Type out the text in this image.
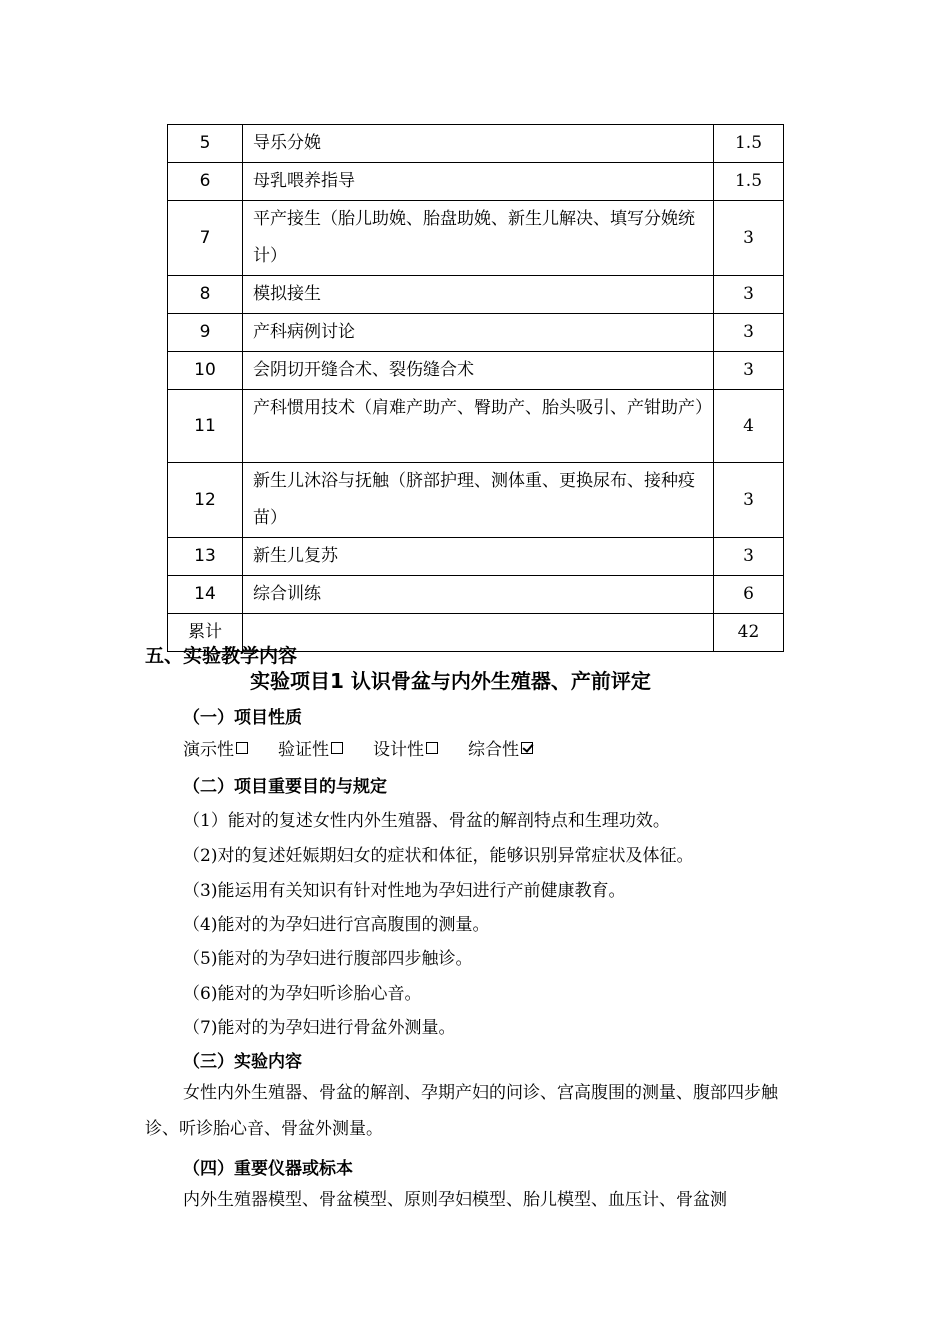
5	导乐分娩	1.5
6	母乳喂养指导	1.5
7	平产接生（胎儿助娩、胎盘助娩、新生儿解决、填写分娩统计）	3
8	模拟接生	3
9	产科病例讨论	3
10	会阴切开缝合术、裂伤缝合术	3
11	产科惯用技术（肩难产助产、臀助产、胎头吸引、产钳助产）	4
12	新生儿沐浴与抚触（脐部护理、测体重、更换尿布、接种疫苗）	3
13	新生儿复苏	3
14	综合训练	6
累计		42
五、实验教学内容
实验项目1 认识骨盆与内外生殖器、产前评定
（一）项目性质
演示性	验证性	设计性	综合性
（二）项目重要目的与规定
（1）能对的复述女性内外生殖器、骨盆的解剖特点和生理功效。
（2)对的复述妊娠期妇女的症状和体征，能够识别异常症状及体征。
（3)能运用有关知识有针对性地为孕妇进行产前健康教育。
（4)能对的为孕妇进行宫高腹围的测量。
（5)能对的为孕妇进行腹部四步触诊。
（6)能对的为孕妇听诊胎心音。
（7)能对的为孕妇进行骨盆外测量。
（三）实验内容
女性内外生殖器、骨盆的解剖、孕期产妇的问诊、宫高腹围的测量、腹部四步触诊、听诊胎心音、骨盆外测量。
（四）重要仪器或标本
内外生殖器模型、骨盆模型、原则孕妇模型、胎儿模型、血压计、骨盆测
